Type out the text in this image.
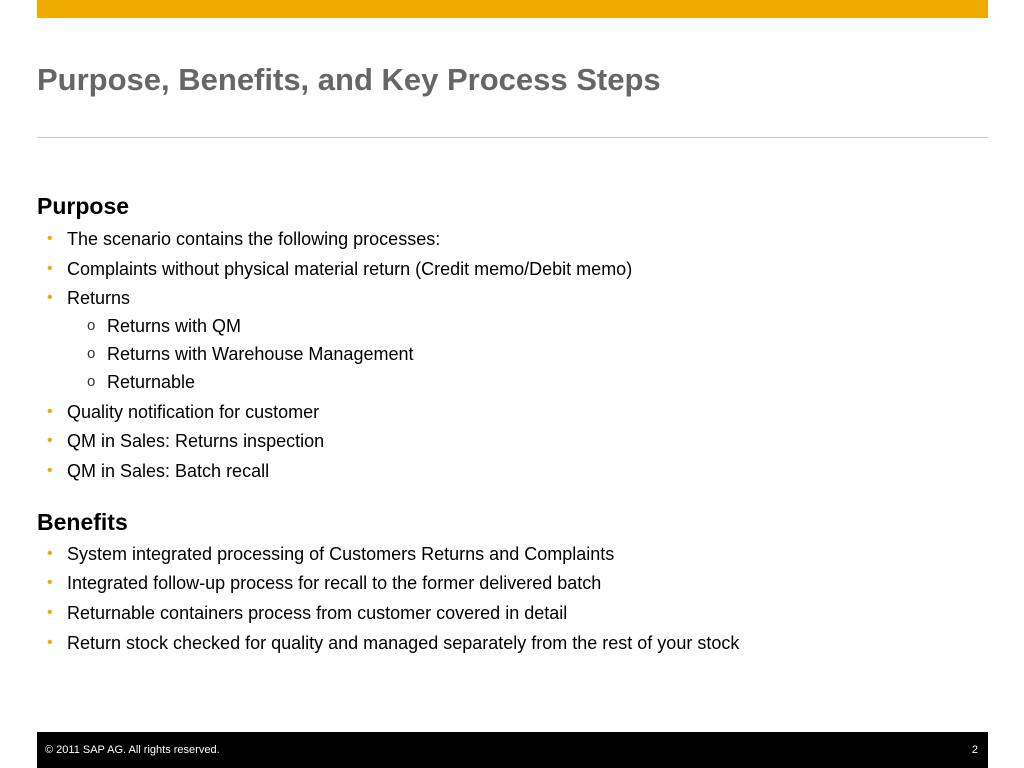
Purpose, Benefits, and Key Process Steps
Purpose
• The scenario contains the following processes:
• Complaints without physical material return (Credit memo/Debit memo)
• Returns
o Returns with QM
o Returns with Warehouse Management
o Returnable
• Quality notification for customer
• QM in Sales: Returns inspection
• QM in Sales: Batch recall
Benefits
• System integrated processing of Customers Returns and Complaints
• Integrated follow-up process for recall to the former delivered batch
• Returnable containers process from customer covered in detail
• Return stock checked for quality and managed separately from the rest of your stock
© 2011 SAP AG. All rights reserved.	2
